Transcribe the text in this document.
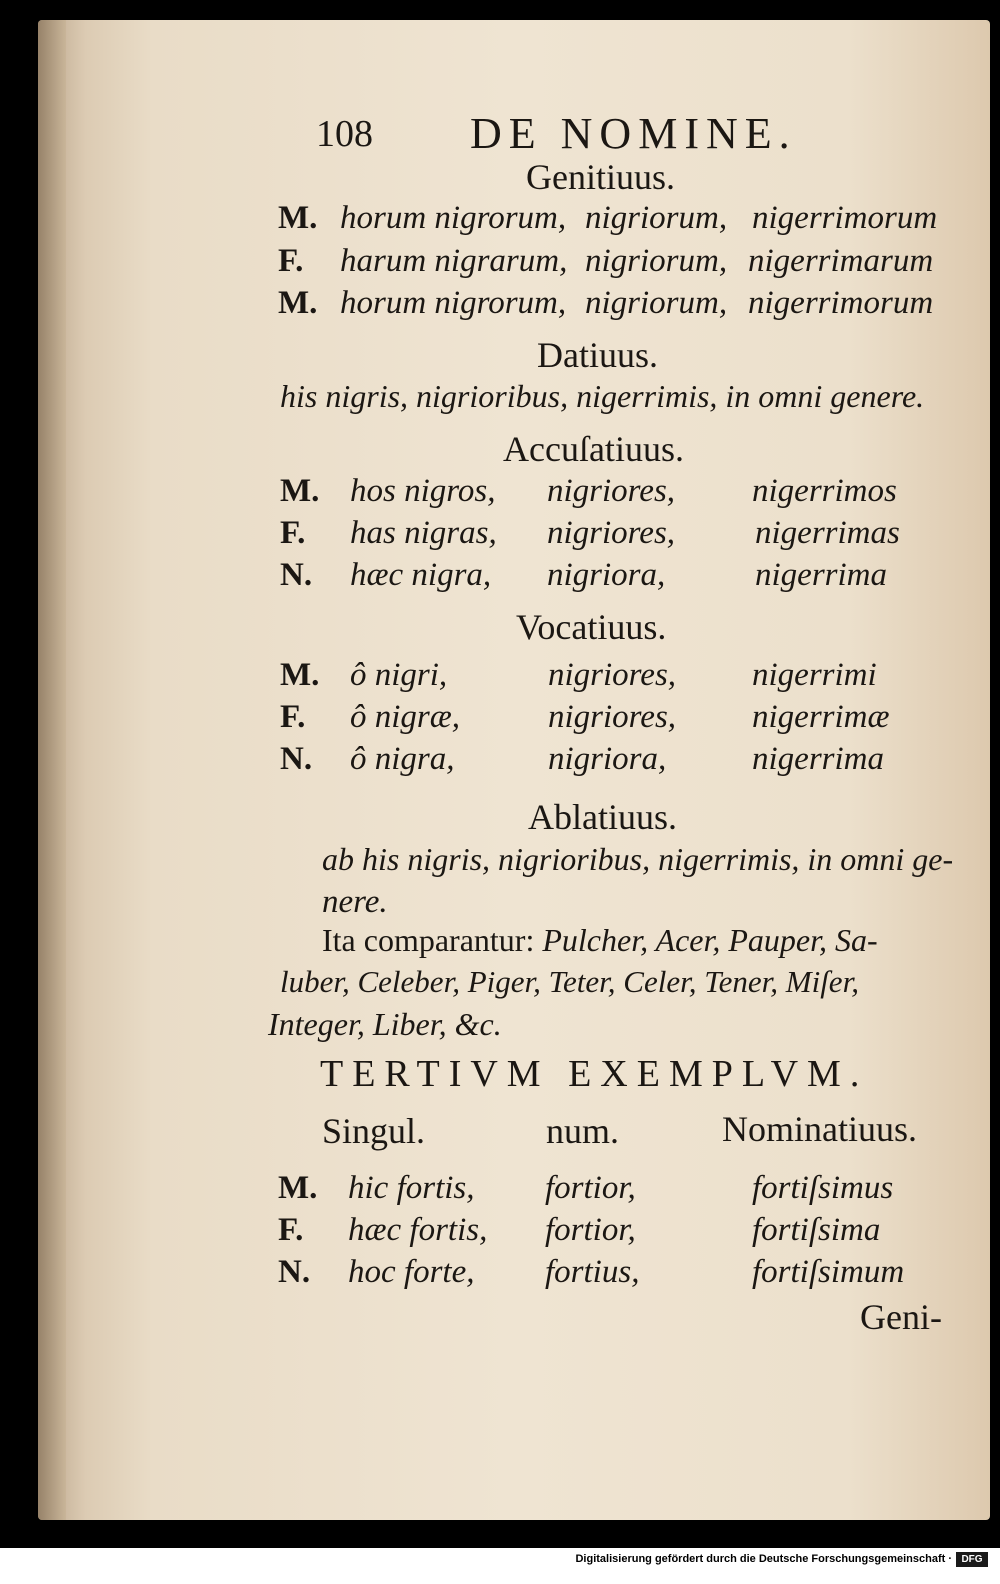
108 DE NOMINE.
Genitiuus.
M. horum nigrorum, nigriorum, nigerrimorum
F. harum nigrarum, nigriorum, nigerrimarum
M. horum nigrorum, nigriorum, nigerrimorum
Datiuus.
his nigris, nigrioribus, nigerrimis, in omni genere.
Accuſatiuus.
M. hos nigros, nigriores, nigerrimos
F. has nigras, nigriores, nigerrimas
N. hæc nigra, nigriora,	nigerrima
Vocatiuus.
M. ô nigri,	nigriores, nigerrimi
F. ô nigræ,	nigriores, nigerrimæ
N. ô nigra,	nigriora,	nigerrima
Ablatiuus.
ab his nigris, nigrioribus, nigerrimis, in omni ge-
nere.
Ita comparantur: Pulcher, Acer, Pauper, Sa-
luber, Celeber, Piger, Teter, Celer, Tener, Miſer,
Integer, Liber, &c.
TERTIVM EXEMPLVM.
Singul.	num.	Nominatiuus.
M. hic fortis, fortior,	fortiſsimus
F. hæc fortis, fortior,	fortiſsima
N. hoc forte, fortius,	fortiſsimum
Geni-
Digitalisierung gefördert durch die Deutsche Forschungsgemeinschaft · DFG
